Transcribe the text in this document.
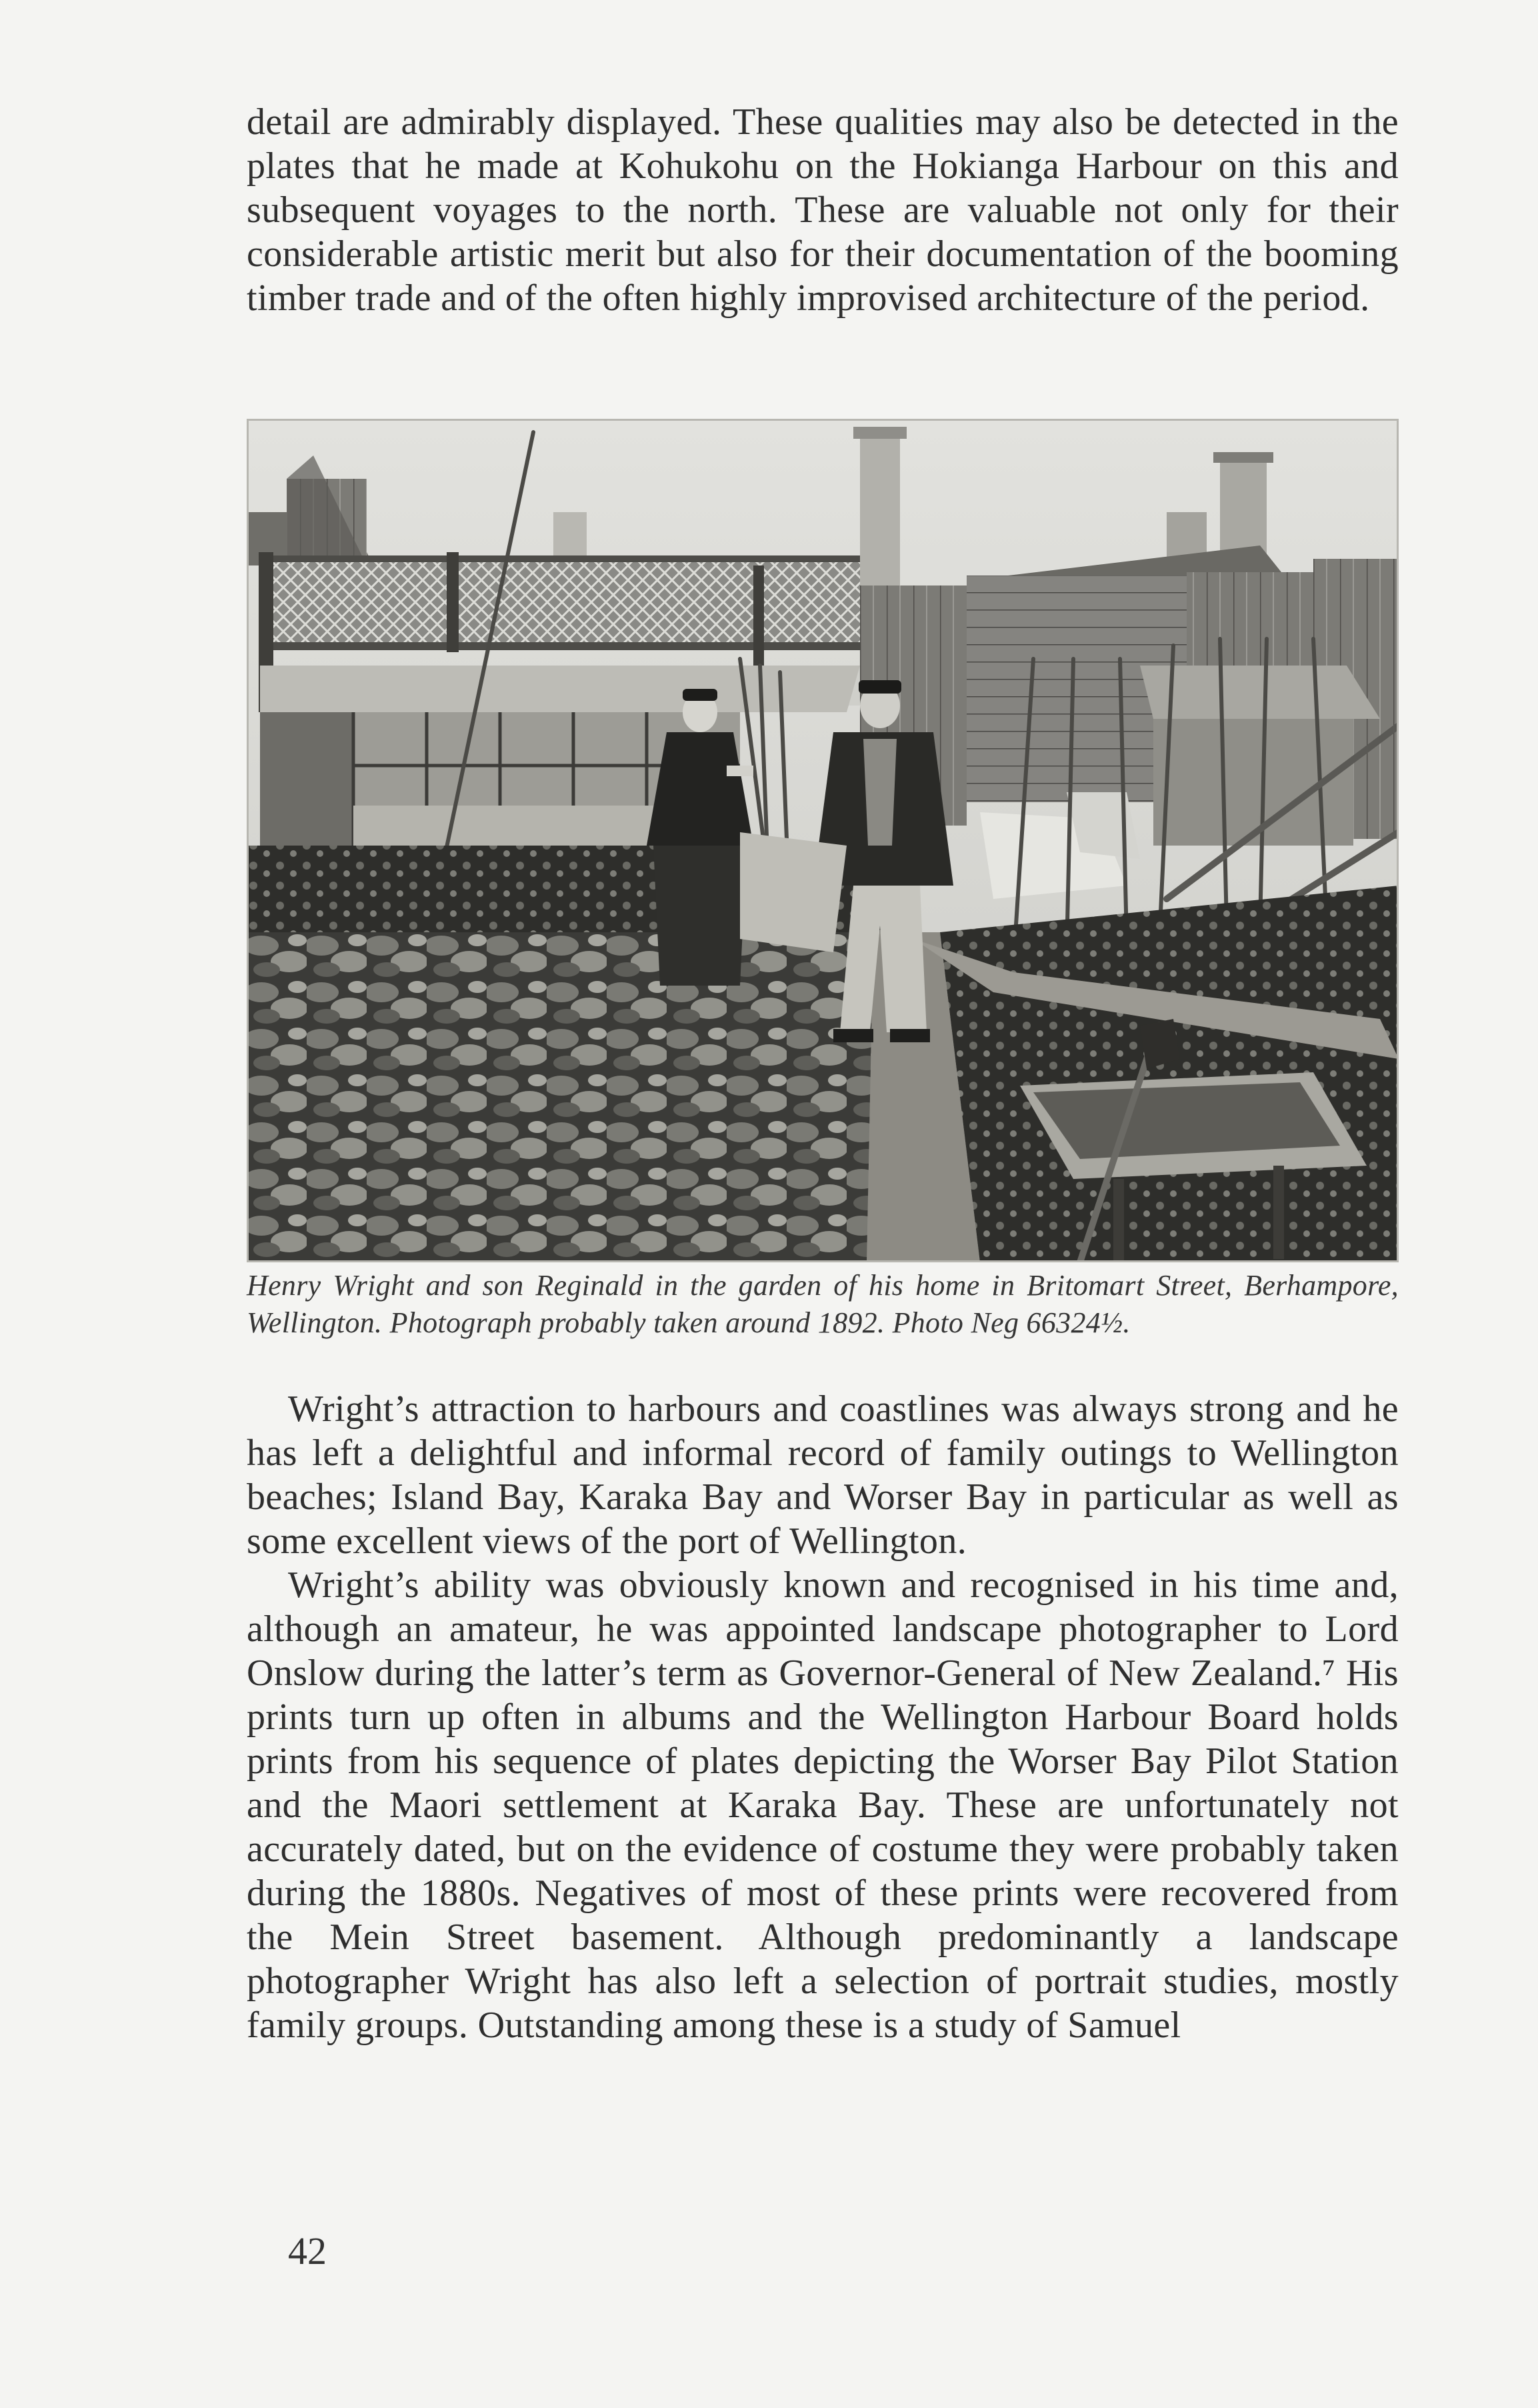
detail are admirably displayed. These qualities may also be detected in the plates that he made at Kohukohu on the Hokianga Harbour on this and subsequent voyages to the north. These are valuable not only for their considerable artistic merit but also for their documentation of the booming timber trade and of the often highly improvised architecture of the period.

Henry Wright and son Reginald in the garden of his home in Britomart Street, Berhampore, Wellington. Photograph probably taken around 1892. Photo Neg 66324½.

Wright’s attraction to harbours and coastlines was always strong and he has left a delightful and informal record of family outings to Wellington beaches; Island Bay, Karaka Bay and Worser Bay in particular as well as some excellent views of the port of Wellington.

Wright’s ability was obviously known and recognised in his time and, although an amateur, he was appointed landscape photographer to Lord Onslow during the latter’s term as Governor-General of New Zealand.⁷ His prints turn up often in albums and the Wellington Harbour Board holds prints from his sequence of plates depicting the Worser Bay Pilot Station and the Maori settlement at Karaka Bay. These are unfortunately not accurately dated, but on the evidence of costume they were probably taken during the 1880s. Negatives of most of these prints were recovered from the Mein Street basement. Although predominantly a landscape photographer Wright has also left a selection of portrait studies, mostly family groups. Outstanding among these is a study of Samuel

42
